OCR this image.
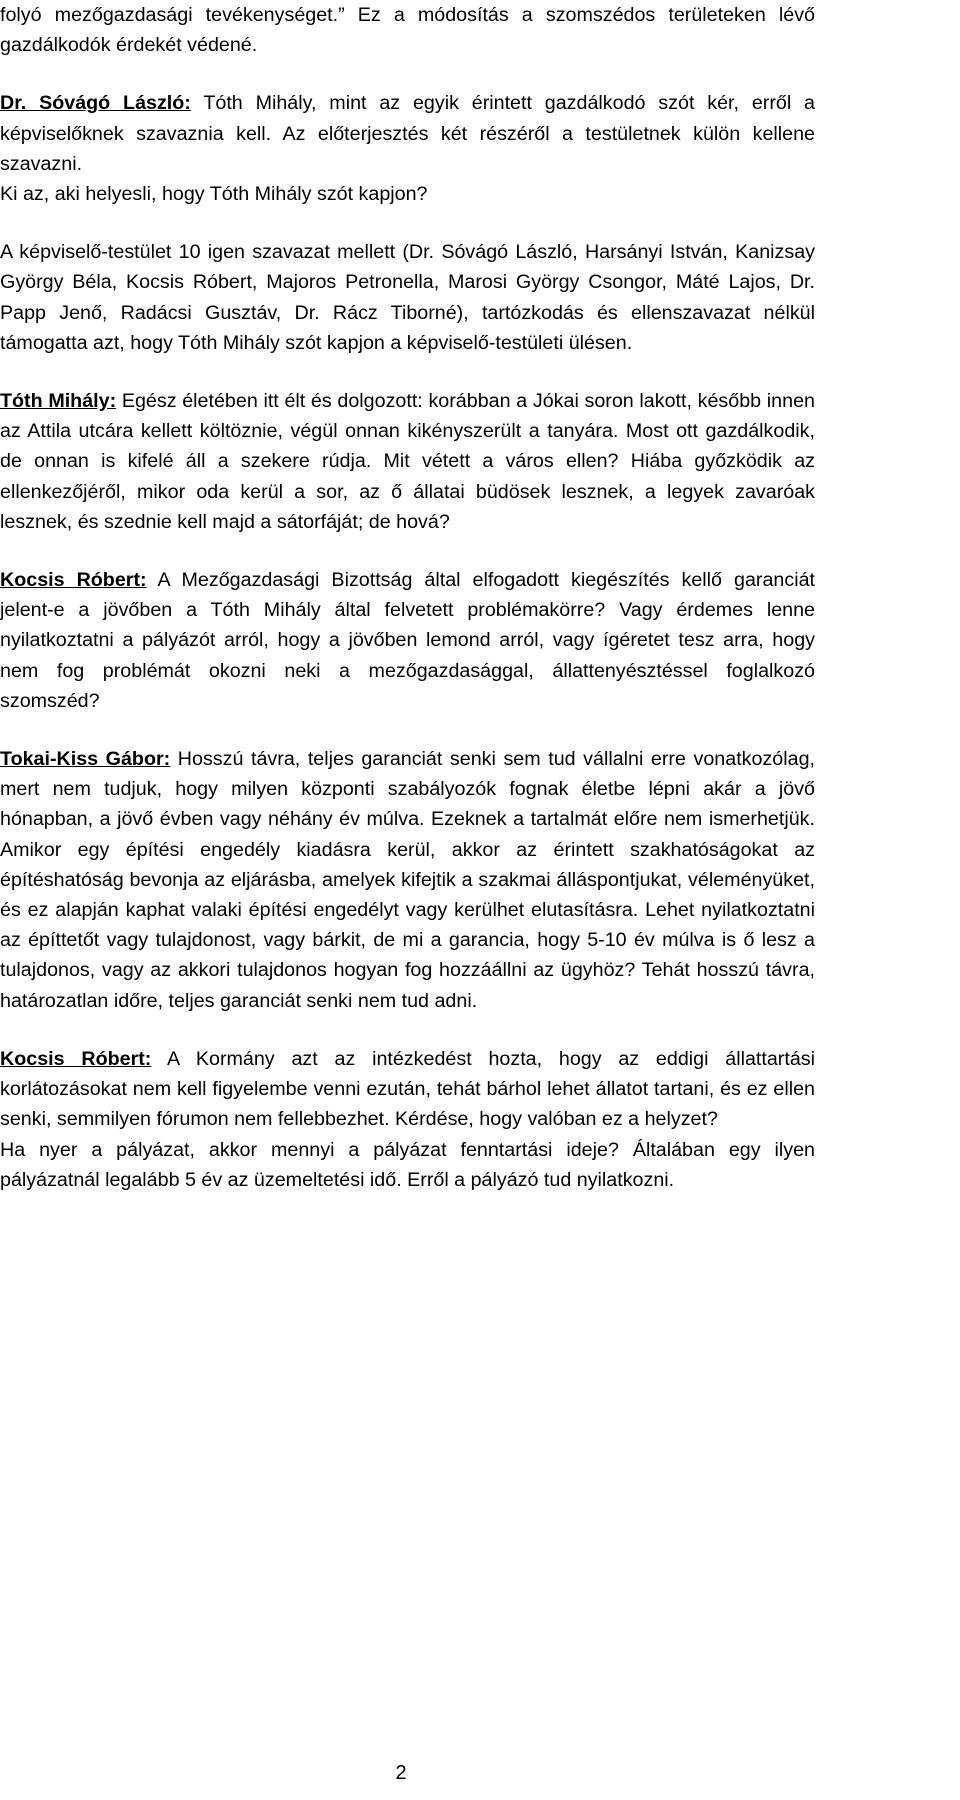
folyó mezőgazdasági tevékenységet.” Ez a módosítás a szomszédos területeken lévő gazdálkodók érdekét védené.

Dr. Sóvágó László: Tóth Mihály, mint az egyik érintett gazdálkodó szót kér, erről a képviselőknek szavaznia kell. Az előterjesztés két részéről a testületnek külön kellene szavazni.
Ki az, aki helyesli, hogy Tóth Mihály szót kapjon?

A képviselő-testület 10 igen szavazat mellett (Dr. Sóvágó László, Harsányi István, Kanizsay György Béla, Kocsis Róbert, Majoros Petronella, Marosi György Csongor, Máté Lajos, Dr. Papp Jenő, Radácsi Gusztáv, Dr. Rácz Tiborné), tartózkodás és ellenszavazat nélkül támogatta azt, hogy Tóth Mihály szót kapjon a képviselő-testületi ülésen.

Tóth Mihály: Egész életében itt élt és dolgozott: korábban a Jókai soron lakott, később innen az Attila utcára kellett költöznie, végül onnan kikényszerült a tanyára. Most ott gazdálkodik, de onnan is kifelé áll a szekere rúdja. Mit vétett a város ellen? Hiába győzködik az ellenkezőjéről, mikor oda kerül a sor, az ő állatai büdösek lesznek, a legyek zavaróak lesznek, és szednie kell majd a sátorfáját; de hová?

Kocsis Róbert: A Mezőgazdasági Bizottság által elfogadott kiegészítés kellő garanciát jelent-e a jövőben a Tóth Mihály által felvetett problémakörre? Vagy érdemes lenne nyilatkoztatni a pályázót arról, hogy a jövőben lemond arról, vagy ígéretet tesz arra, hogy nem fog problémát okozni neki a mezőgazdasággal, állattenyésztéssel foglalkozó szomszéd?

Tokai-Kiss Gábor: Hosszú távra, teljes garanciát senki sem tud vállalni erre vonatkozólag, mert nem tudjuk, hogy milyen központi szabályozók fognak életbe lépni akár a jövő hónapban, a jövő évben vagy néhány év múlva. Ezeknek a tartalmát előre nem ismerhetjük. Amikor egy építési engedély kiadásra kerül, akkor az érintett szakhatóságokat az építéshatóság bevonja az eljárásba, amelyek kifejtik a szakmai álláspontjukat, véleményüket, és ez alapján kaphat valaki építési engedélyt vagy kerülhet elutasításra. Lehet nyilatkoztatni az építtetőt vagy tulajdonost, vagy bárkit, de mi a garancia, hogy 5-10 év múlva is ő lesz a tulajdonos, vagy az akkori tulajdonos hogyan fog hozzáállni az ügyhöz? Tehát hosszú távra, határozatlan időre, teljes garanciát senki nem tud adni.

Kocsis Róbert: A Kormány azt az intézkedést hozta, hogy az eddigi állattartási korlátozásokat nem kell figyelembe venni ezután, tehát bárhol lehet állatot tartani, és ez ellen senki, semmilyen fórumon nem fellebbezhet. Kérdése, hogy valóban ez a helyzet?
Ha nyer a pályázat, akkor mennyi a pályázat fenntartási ideje? Általában egy ilyen pályázatnál legalább 5 év az üzemeltetési idő. Erről a pályázó tud nyilatkozni.

2
